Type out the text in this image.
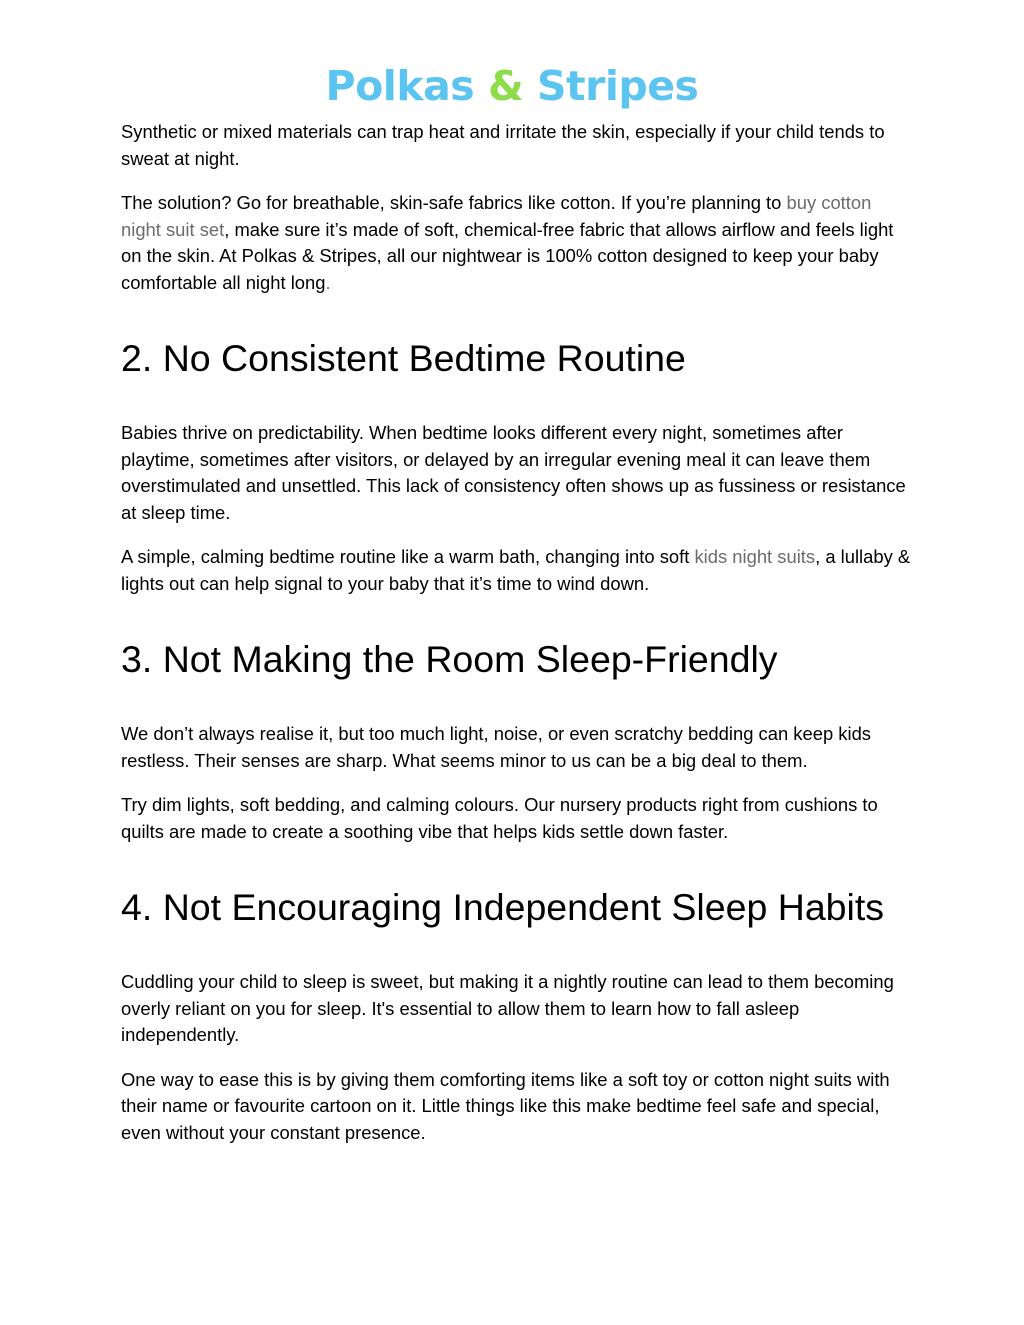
Polkas & Stripes

Synthetic or mixed materials can trap heat and irritate the skin, especially if your child tends to sweat at night.

The solution? Go for breathable, skin-safe fabrics like cotton. If you’re planning to buy cotton night suit set, make sure it’s made of soft, chemical-free fabric that allows airflow and feels light on the skin. At Polkas & Stripes, all our nightwear is 100% cotton designed to keep your baby comfortable all night long.

2. No Consistent Bedtime Routine

Babies thrive on predictability. When bedtime looks different every night, sometimes after playtime, sometimes after visitors, or delayed by an irregular evening meal it can leave them overstimulated and unsettled. This lack of consistency often shows up as fussiness or resistance at sleep time.

A simple, calming bedtime routine like a warm bath, changing into soft kids night suits, a lullaby & lights out can help signal to your baby that it’s time to wind down.

3. Not Making the Room Sleep-Friendly

We don’t always realise it, but too much light, noise, or even scratchy bedding can keep kids restless. Their senses are sharp. What seems minor to us can be a big deal to them.

Try dim lights, soft bedding, and calming colours. Our nursery products right from cushions to quilts are made to create a soothing vibe that helps kids settle down faster.

4. Not Encouraging Independent Sleep Habits

Cuddling your child to sleep is sweet, but making it a nightly routine can lead to them becoming overly reliant on you for sleep. It's essential to allow them to learn how to fall asleep independently.

One way to ease this is by giving them comforting items like a soft toy or cotton night suits with their name or favourite cartoon on it. Little things like this make bedtime feel safe and special, even without your constant presence.
